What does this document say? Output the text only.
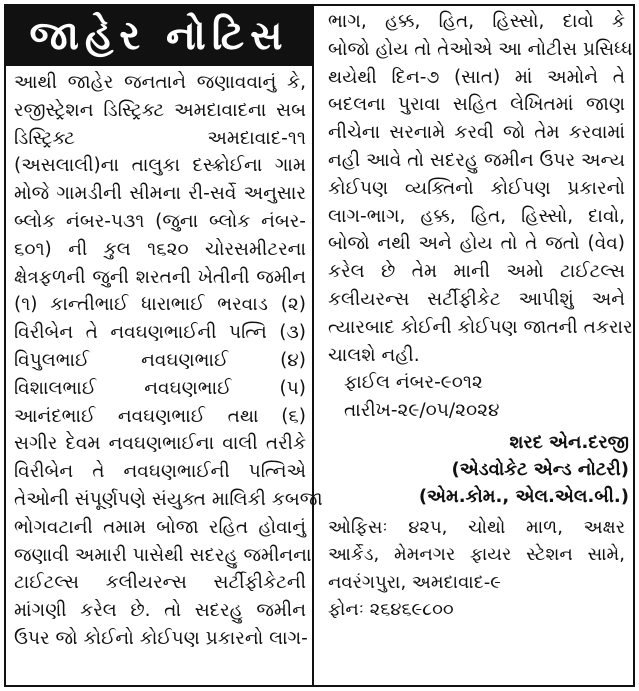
જાહેર નોટિસ
આથી જાહેર જનતાને જણાવવાનું કે,
રજીસ્ટ્રેશન ડિસ્ટ્રિક્ટ અમદાવાદના સબ
ડિસ્ટ્રિક્ટ             અમદાવાદ-૧૧
(અસલાલી)ના તાલુકા દસ્ક્રોઈના ગામ
મોજે ગામડીની સીમના રી-સર્વે અનુસાર
બ્લોક નંબર-પ૩૧ (જુના બ્લોક નંબર-
૬૦૧) ની કુલ ૧૬૨૦ ચોરસમીટરના
ક્ષેત્રફળની જુની શરતની ખેતીની જમીન
(૧) કાન્તીભાઈ ધારાભાઈ ભરવાડ (૨)
વિરીબેન તે નવઘણભાઈની પત્નિ (૩)
વિપુલભાઈ       નવઘણભાઈ       (૪)
વિશાલભાઈ       નવઘણભાઈ       (પ)
આનંદભાઈ નવઘણભાઈ તથા (૬)
સગીર દેવમ નવઘણભાઈના વાલી તરીકે
વિરીબેન તે નવઘણભાઈની પત્નિએ
તેઓની સંપૂર્ણપણે સંયુક્ત માલિકી કબજા
ભોગવટાની તમામ બોજા રહિત હોવાનું
જણાવી અમારી પાસેથી સદરહુ જમીનના
ટાઈટલ્સ  કલીયરન્સ  સર્ટીફીકેટની
માંગણી કરેલ છે. તો સદરહુ જમીન
ઉપર જો કોઈનો કોઈપણ પ્રકારનો લાગ-
ભાગ, હક્ક, હિત, હિસ્સો, દાવો કે
બોજો હોય તો તેઓએ આ નોટીસ પ્રસિધ્ધ
થયેથી દિન-૭ (સાત) માં અમોને તે
બદલના પુરાવા સહિત લેખિતમાં જાણ
નીચેના સરનામે કરવી જો તેમ કરવામાં
નહી આવે તો સદરહુ જમીન ઉપર અન્ય
કોઈપણ વ્યક્તિનો કોઈપણ પ્રકારનો
લાગ-ભાગ, હક્ક, હિત, હિસ્સો, દાવો,
બોજો નથી અને હોય તો તે જતો (વેવ)
કરેલ છે તેમ માની અમો ટાઈટલ્સ
કલીયરન્સ  સર્ટીફીકેટ  આપીશું  અને
ત્યારબાદ કોઈની કોઈપણ જાતની તકરાર
ચાલશે નહી.
ફાઈલ નંબર-૯૦૧૨
તારીખ-૨૯/૦૫/૨૦૨૪
શરદ એન.દરજી
(એડવોકેટ એન્ડ નોટરી)
(એમ.કોમ., એલ.એલ.બી.)
ઓફિસઃ ૪૨પ, ચોથો માળ, અક્ષર
આર્કેડ, મેમનગર ફાયર સ્ટેશન સામે,
નવરંગપુરા, અમદાવાદ-૯
ફોનઃ ૨૬૪૬૯૮૦૦
